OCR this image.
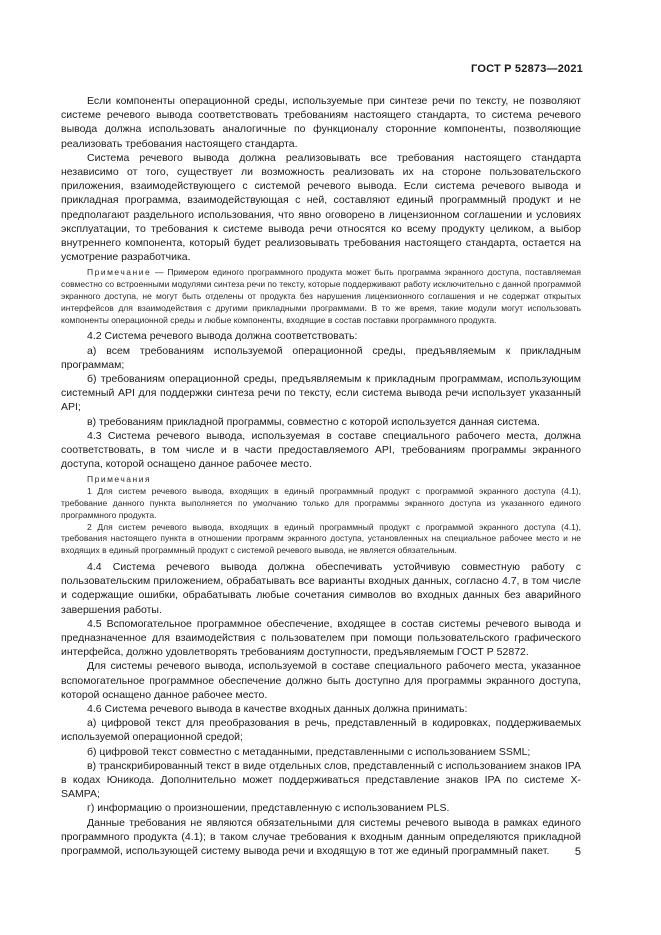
ГОСТ Р 52873—2021

Если компоненты операционной среды, используемые при синтезе речи по тексту, не позволяют системе речевого вывода соответствовать требованиям настоящего стандарта, то система речевого вывода должна использовать аналогичные по функционалу сторонние компоненты, позволяющие реализовать требования настоящего стандарта.

Система речевого вывода должна реализовывать все требования настоящего стандарта независимо от того, существует ли возможность реализовать их на стороне пользовательского приложения, взаимодействующего с системой речевого вывода. Если система речевого вывода и прикладная программа, взаимодействующая с ней, составляют единый программный продукт и не предполагают раздельного использования, что явно оговорено в лицензионном соглашении и условиях эксплуатации, то требования к системе вывода речи относятся ко всему продукту целиком, а выбор внутреннего компонента, который будет реализовывать требования настоящего стандарта, остается на усмотрение разработчика.

Примечание — Примером единого программного продукта может быть программа экранного доступа, поставляемая совместно со встроенными модулями синтеза речи по тексту, которые поддерживают работу исключительно с данной программой экранного доступа, не могут быть отделены от продукта без нарушения лицензионного соглашения и не содержат открытых интерфейсов для взаимодействия с другими прикладными программами. В то же время, такие модули могут использовать компоненты операционной среды и любые компоненты, входящие в состав поставки программного продукта.

4.2 Система речевого вывода должна соответствовать:

а) всем требованиям используемой операционной среды, предъявляемым к прикладным программам;

б) требованиям операционной среды, предъявляемым к прикладным программам, использующим системный API для поддержки синтеза речи по тексту, если система вывода речи использует указанный API;

в) требованиям прикладной программы, совместно с которой используется данная система.

4.3 Система речевого вывода, используемая в составе специального рабочего места, должна соответствовать, в том числе и в части предоставляемого API, требованиям программы экранного доступа, которой оснащено данное рабочее место.

Примечания

1 Для систем речевого вывода, входящих в единый программный продукт с программой экранного доступа (4.1), требование данного пункта выполняется по умолчанию только для программы экранного доступа из указанного единого программного продукта.

2 Для систем речевого вывода, входящих в единый программный продукт с программой экранного доступа (4.1), требования настоящего пункта в отношении программ экранного доступа, установленных на специальное рабочее место и не входящих в единый программный продукт с системой речевого вывода, не является обязательным.

4.4 Система речевого вывода должна обеспечивать устойчивую совместную работу с пользовательским приложением, обрабатывать все варианты входных данных, согласно 4.7, в том числе и содержащие ошибки, обрабатывать любые сочетания символов во входных данных без аварийного завершения работы.

4.5 Вспомогательное программное обеспечение, входящее в состав системы речевого вывода и предназначенное для взаимодействия с пользователем при помощи пользовательского графического интерфейса, должно удовлетворять требованиям доступности, предъявляемым ГОСТ Р 52872.

Для системы речевого вывода, используемой в составе специального рабочего места, указанное вспомогательное программное обеспечение должно быть доступно для программы экранного доступа, которой оснащено данное рабочее место.

4.6 Система речевого вывода в качестве входных данных должна принимать:

а) цифровой текст для преобразования в речь, представленный в кодировках, поддерживаемых используемой операционной средой;

б) цифровой текст совместно с метаданными, представленными с использованием SSML;

в) транскрибированный текст в виде отдельных слов, представленный с использованием знаков IPA в кодах Юникода. Дополнительно может поддерживаться представление знаков IPA по системе X-SAMPA;

г) информацию о произношении, представленную с использованием PLS.

Данные требования не являются обязательными для системы речевого вывода в рамках единого программного продукта (4.1); в таком случае требования к входным данным определяются прикладной программой, использующей систему вывода речи и входящую в тот же единый программный пакет.	5
